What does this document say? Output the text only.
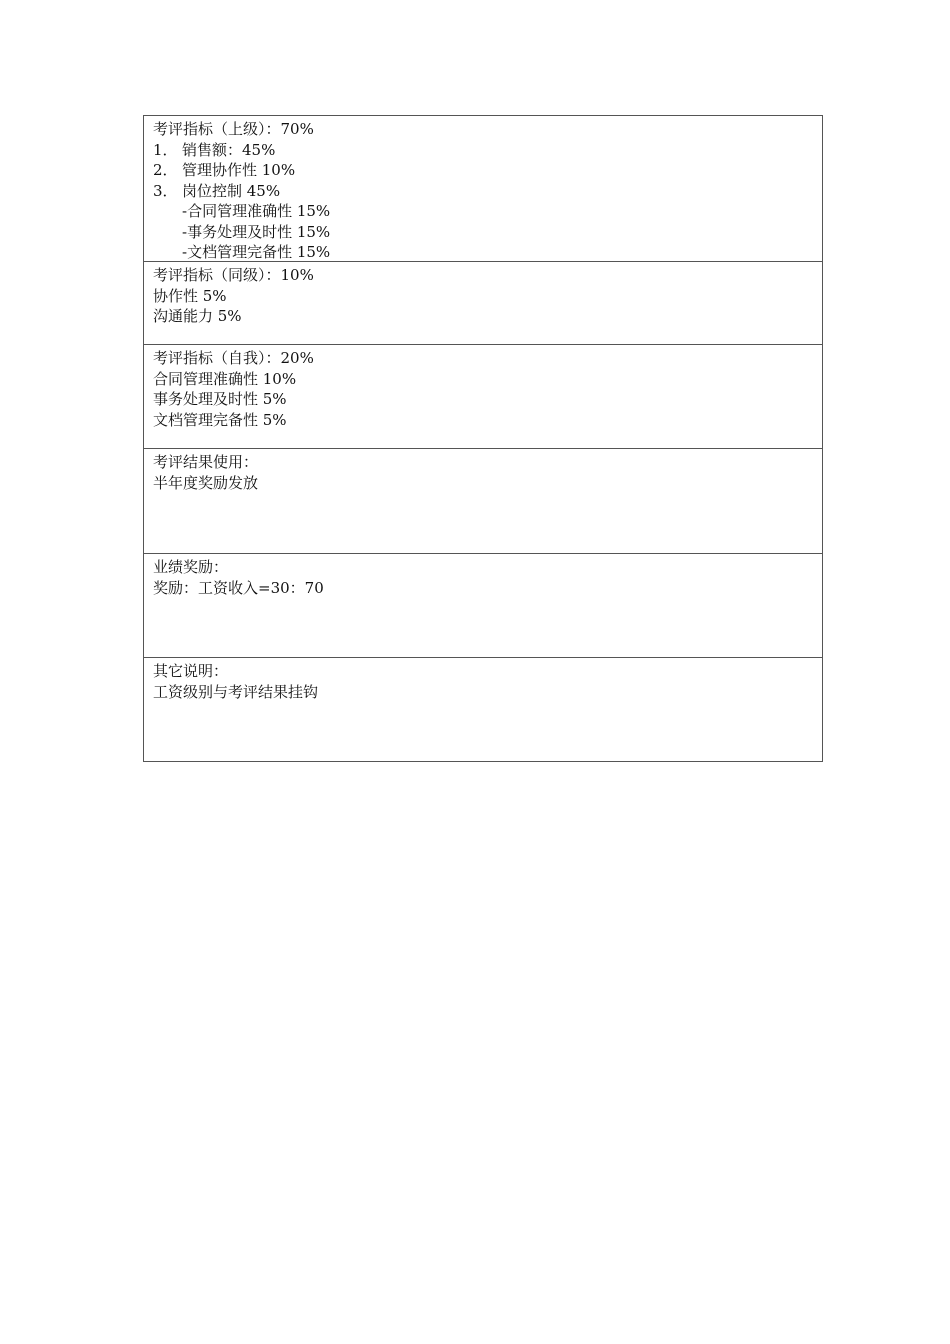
考评指标（上级）：70%
1． 销售额：45%
2． 管理协作性 10%
3． 岗位控制 45%
-合同管理准确性 15%
-事务处理及时性 15%
-文档管理完备性 15%
考评指标（同级）：10%
协作性 5%
沟通能力 5%
考评指标（自我）：20%
合同管理准确性 10%
事务处理及时性 5%
文档管理完备性 5%
考评结果使用：
半年度奖励发放
业绩奖励：
奖励：工资收入=30：70
其它说明：
工资级别与考评结果挂钩
